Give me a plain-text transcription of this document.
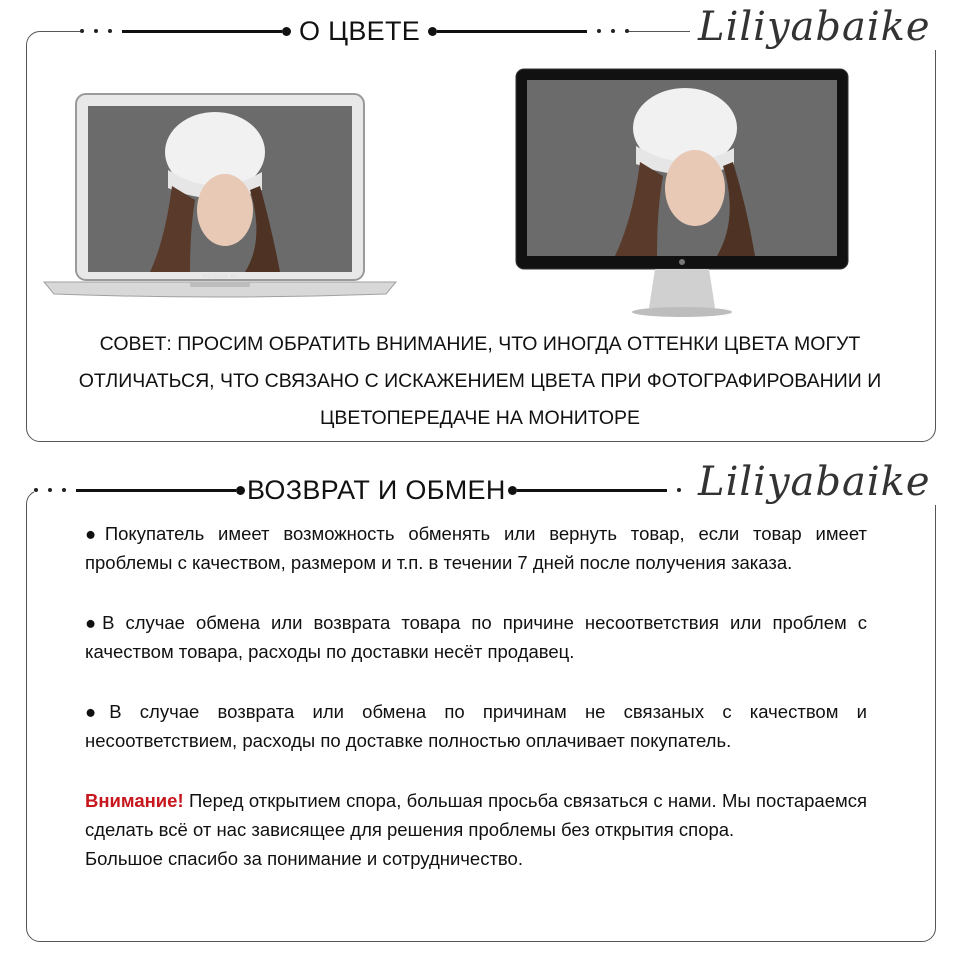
О ЦВЕТЕ	Liliyabaike
MacBook Air
СОВЕТ: ПРОСИМ ОБРАТИТЬ ВНИМАНИЕ, ЧТО ИНОГДА ОТТЕНКИ ЦВЕТА МОГУТ ОТЛИЧАТЬСЯ, ЧТО СВЯЗАНО С ИСКАЖЕНИЕМ ЦВЕТА ПРИ ФОТОГРАФИРОВАНИИ И ЦВЕТОПЕРЕДАЧЕ НА МОНИТОРЕ
ВОЗВРАТ И ОБМЕН	Liliyabaike

●Покупатель имеет возможность обменять или вернуть товар, если товар имеет проблемы с качеством, размером и т.п. в течении 7 дней после получения заказа.

●В случае обмена или возврата товара по причине несоответствия или проблем с качеством товара, расходы по доставки несёт продавец.

●В случае возврата или обмена по причинам не связаных с качеством и несоответствием, расходы по доставке полностью оплачивает покупатель.

Внимание! Перед открытием спора, большая просьба связаться с нами. Мы постараемся сделать всё от нас зависящее для решения проблемы без открытия спора.

Большое спасибо за понимание и сотрудничество.
